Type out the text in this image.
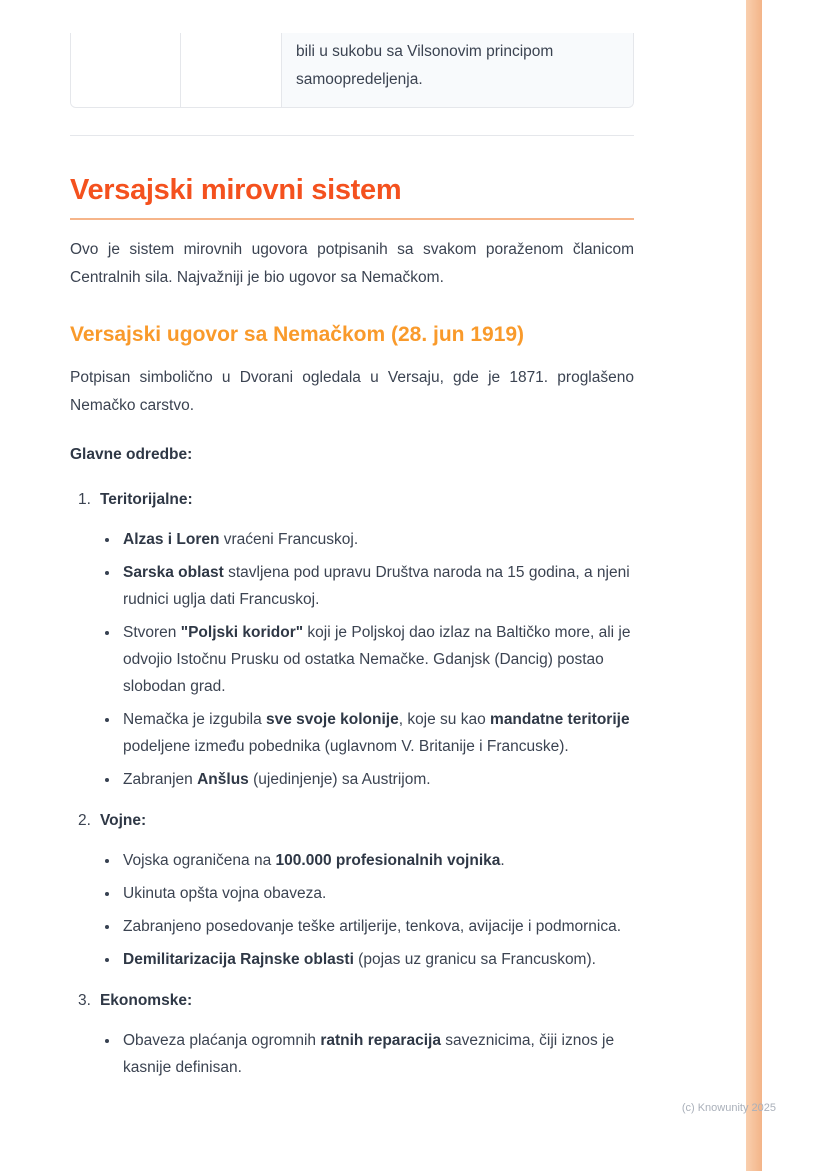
bili u sukobu sa Vilsonovim principom samoopredeljenja.
Versajski mirovni sistem

Ovo je sistem mirovnih ugovora potpisanih sa svakom poraženom članicom Centralnih sila. Najvažniji je bio ugovor sa Nemačkom.

Versajski ugovor sa Nemačkom (28. jun 1919)

Potpisan simbolično u Dvorani ogledala u Versaju, gde je 1871. proglašeno Nemačko carstvo.

Glavne odredbe:
1. Teritorijalne:
• Alzas i Loren vraćeni Francuskoj.
• Sarska oblast stavljena pod upravu Društva naroda na 15 godina, a njeni rudnici uglja dati Francuskoj.
• Stvoren "Poljski koridor" koji je Poljskoj dao izlaz na Baltičko more, ali je odvojio Istočnu Prusku od ostatka Nemačke. Gdanjsk (Dancig) postao slobodan grad.
• Nemačka je izgubila sve svoje kolonije, koje su kao mandatne teritorije podeljene između pobednika (uglavnom V. Britanije i Francuske).
• Zabranjen Anšlus (ujedinjenje) sa Austrijom.
2. Vojne:
• Vojska ograničena na 100.000 profesionalnih vojnika.
• Ukinuta opšta vojna obaveza.
• Zabranjeno posedovanje teške artiljerije, tenkova, avijacije i podmornica.
• Demilitarizacija Rajnske oblasti (pojas uz granicu sa Francuskom).
3. Ekonomske:
• Obaveza plaćanja ogromnih ratnih reparacija saveznicima, čiji iznos je kasnije definisan.
(c) Knowunity 2025
